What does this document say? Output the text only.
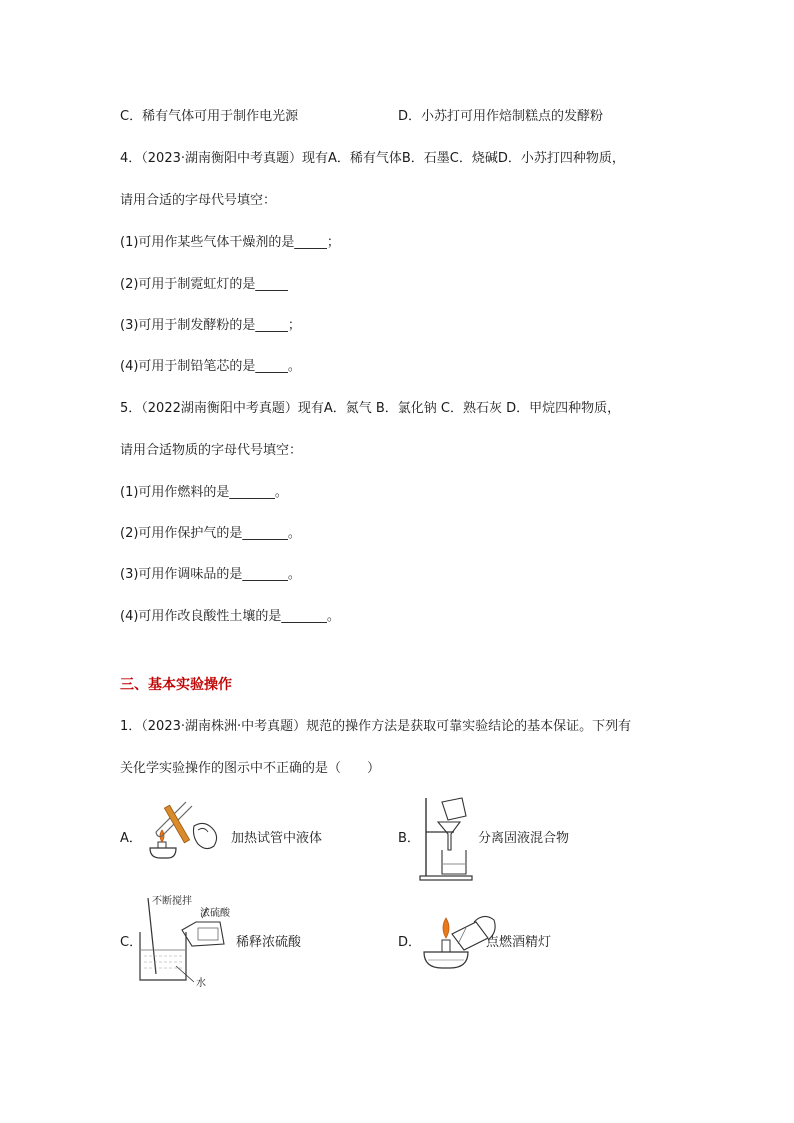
C．稀有气体可用于制作电光源	D．小苏打可用作焙制糕点的发酵粉
4．（2023·湖南衡阳中考真题）现有A．稀有气体B．石墨C．烧碱D．小苏打四种物质，
请用合适的字母代号填空：
(1)可用作某些气体干燥剂的是_____；
(2)可用于制霓虹灯的是_____
(3)可用于制发酵粉的是_____；
(4)可用于制铅笔芯的是_____。
5．（2022湖南衡阳中考真题）现有A．氮气 B．氯化钠 C．熟石灰 D．甲烷四种物质，
请用合适物质的字母代号填空：
(1)可用作燃料的是_______。
(2)可用作保护气的是_______。
(3)可用作调味品的是_______。
(4)可用作改良酸性土壤的是_______。
三、基本实验操作
1．（2023·湖南株洲·中考真题）规范的操作方法是获取可靠实验结论的基本保证。下列有
关化学实验操作的图示中不正确的是（　　）
A．	加热试管中液体	B．	分离固液混合物
C．
不断搅拌
浓硫酸
水
稀释浓硫酸	D．	点燃酒精灯
